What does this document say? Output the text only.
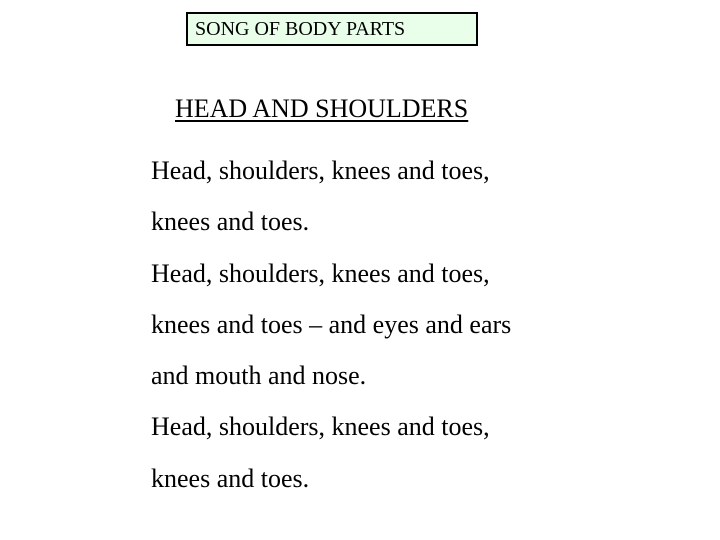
SONG OF BODY PARTS
HEAD AND SHOULDERS
Head, shoulders, knees and toes,
knees and toes.
Head, shoulders, knees and toes,
knees and toes – and eyes and ears
and mouth and nose.
Head, shoulders, knees and toes,
knees and toes.
